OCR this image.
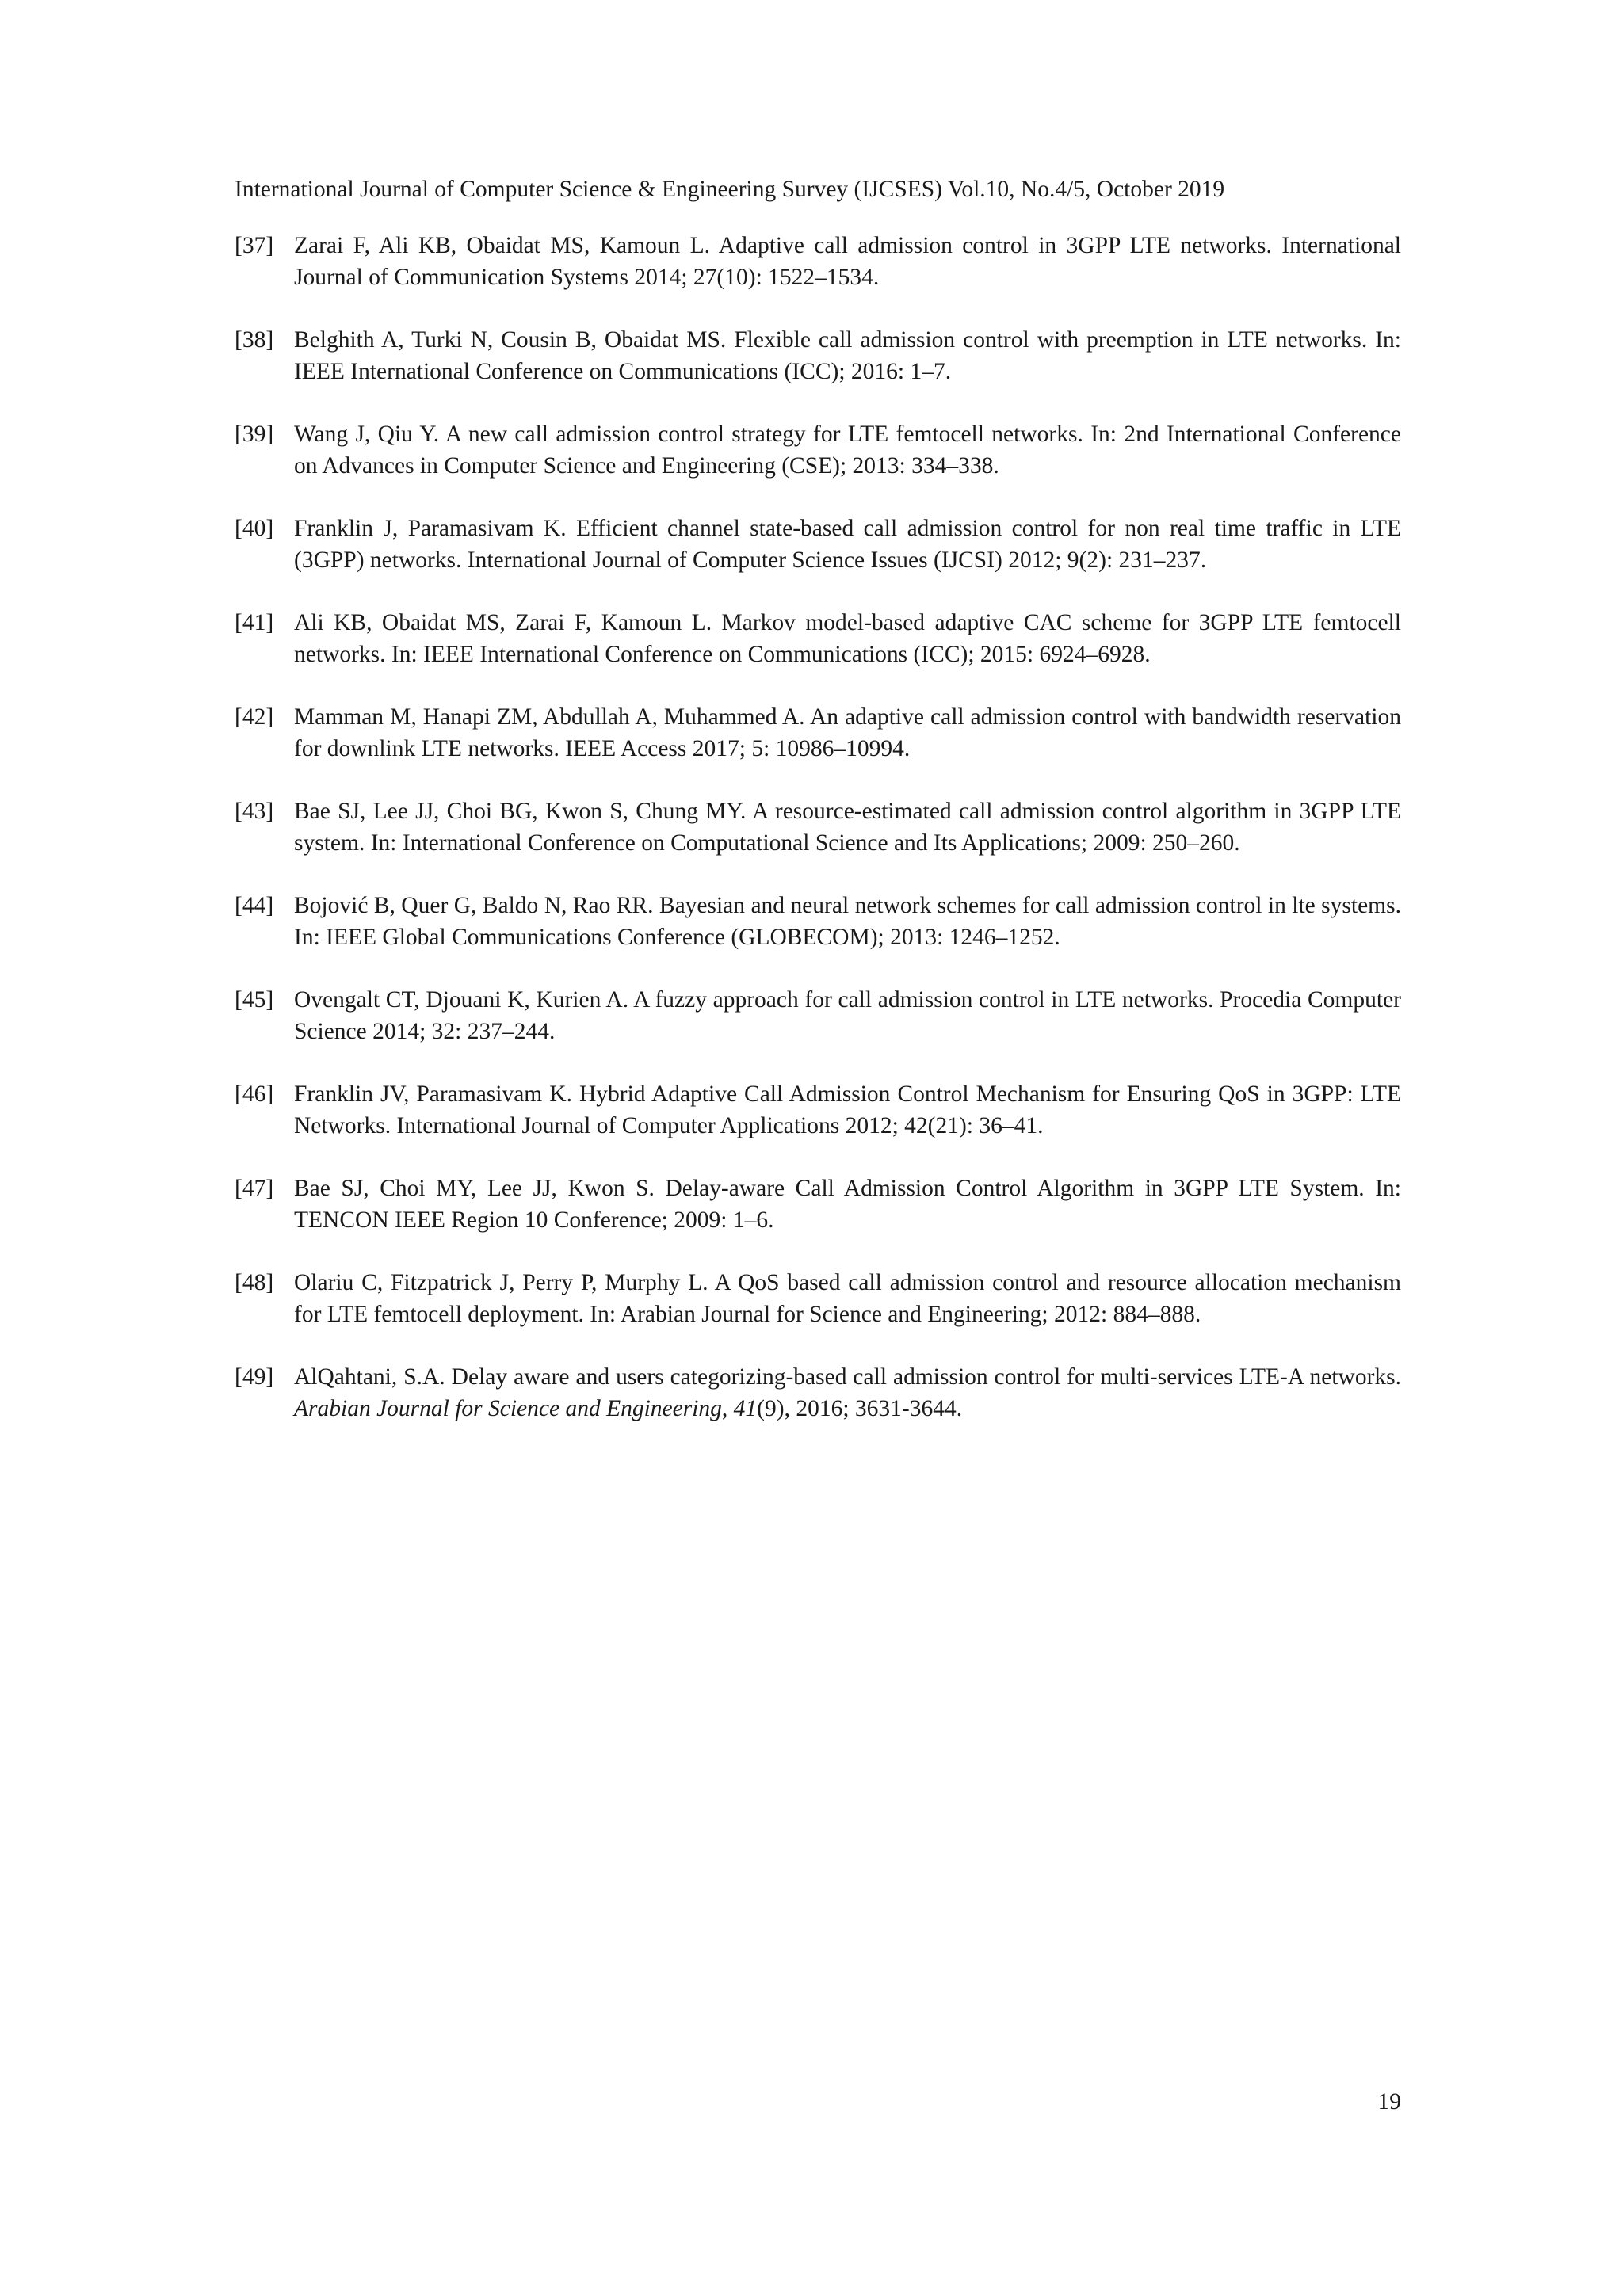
International Journal of Computer Science & Engineering Survey (IJCSES) Vol.10, No.4/5, October 2019
[37] Zarai F, Ali KB, Obaidat MS, Kamoun L. Adaptive call admission control in 3GPP LTE networks. International Journal of Communication Systems 2014; 27(10): 1522–1534.
[38] Belghith A, Turki N, Cousin B, Obaidat MS. Flexible call admission control with preemption in LTE networks. In: IEEE International Conference on Communications (ICC); 2016: 1–7.
[39] Wang J, Qiu Y. A new call admission control strategy for LTE femtocell networks. In: 2nd International Conference on Advances in Computer Science and Engineering (CSE); 2013: 334–338.
[40] Franklin J, Paramasivam K. Efficient channel state-based call admission control for non real time traffic in LTE (3GPP) networks. International Journal of Computer Science Issues (IJCSI) 2012; 9(2): 231–237.
[41] Ali KB, Obaidat MS, Zarai F, Kamoun L. Markov model-based adaptive CAC scheme for 3GPP LTE femtocell networks. In: IEEE International Conference on Communications (ICC); 2015: 6924–6928.
[42] Mamman M, Hanapi ZM, Abdullah A, Muhammed A. An adaptive call admission control with bandwidth reservation for downlink LTE networks. IEEE Access 2017; 5: 10986–10994.
[43] Bae SJ, Lee JJ, Choi BG, Kwon S, Chung MY. A resource-estimated call admission control algorithm in 3GPP LTE system. In: International Conference on Computational Science and Its Applications; 2009: 250–260.
[44] Bojović B, Quer G, Baldo N, Rao RR. Bayesian and neural network schemes for call admission control in lte systems. In: IEEE Global Communications Conference (GLOBECOM); 2013: 1246–1252.
[45] Ovengalt CT, Djouani K, Kurien A. A fuzzy approach for call admission control in LTE networks. Procedia Computer Science 2014; 32: 237–244.
[46] Franklin JV, Paramasivam K. Hybrid Adaptive Call Admission Control Mechanism for Ensuring QoS in 3GPP: LTE Networks. International Journal of Computer Applications 2012; 42(21): 36–41.
[47] Bae SJ, Choi MY, Lee JJ, Kwon S. Delay-aware Call Admission Control Algorithm in 3GPP LTE System. In: TENCON IEEE Region 10 Conference; 2009: 1–6.
[48] Olariu C, Fitzpatrick J, Perry P, Murphy L. A QoS based call admission control and resource allocation mechanism for LTE femtocell deployment. In: Arabian Journal for Science and Engineering; 2012: 884–888.
[49] AlQahtani, S.A. Delay aware and users categorizing-based call admission control for multi-services LTE-A networks. Arabian Journal for Science and Engineering, 41(9), 2016; 3631-3644.
19
